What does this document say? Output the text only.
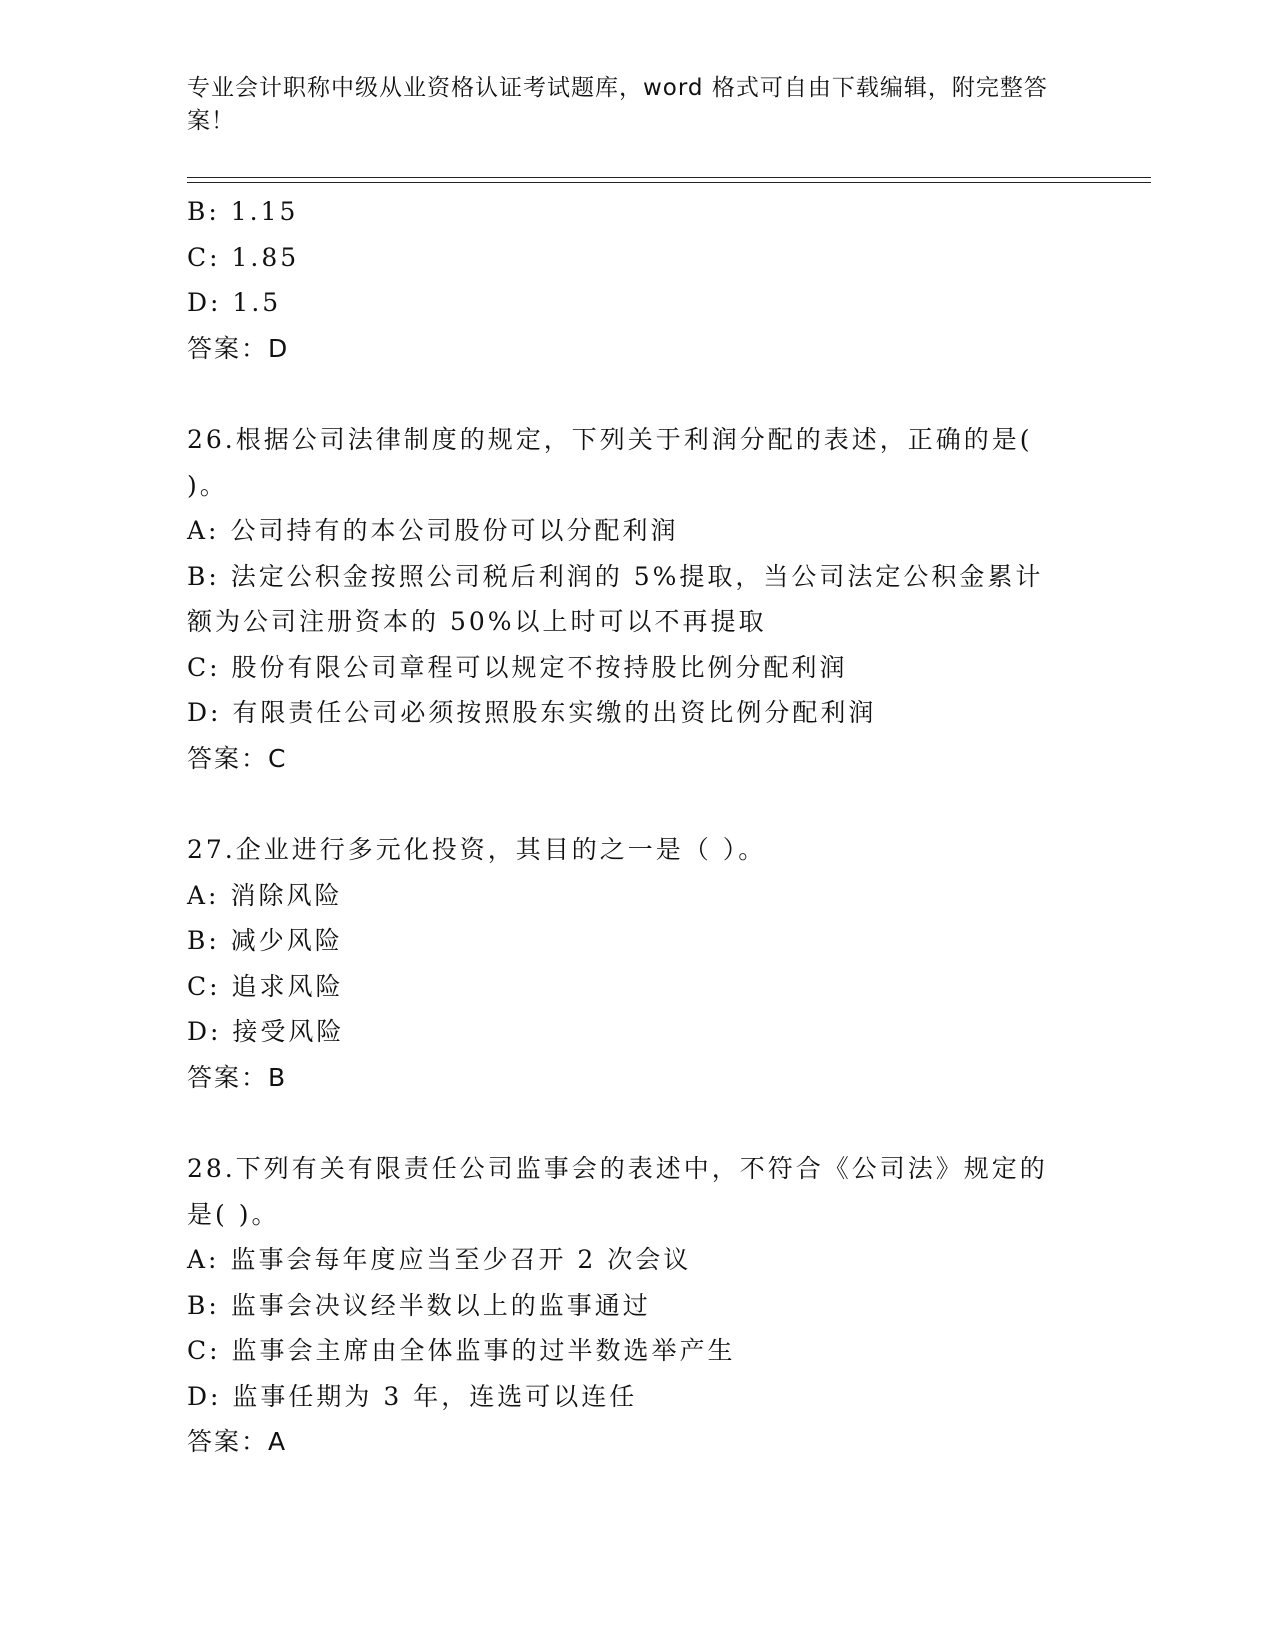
专业会计职称中级从业资格认证考试题库，word 格式可自由下载编辑，附完整答案！
B: 1.15
C: 1.85
D: 1.5
答案：D
26.根据公司法律制度的规定，下列关于利润分配的表述，正确的是( )。
A: 公司持有的本公司股份可以分配利润
B: 法定公积金按照公司税后利润的 5%提取，当公司法定公积金累计额为公司注册资本的 50%以上时可以不再提取
C: 股份有限公司章程可以规定不按持股比例分配利润
D: 有限责任公司必须按照股东实缴的出资比例分配利润
答案：C
27.企业进行多元化投资，其目的之一是（ ）。
A: 消除风险
B: 减少风险
C: 追求风险
D: 接受风险
答案：B
28.下列有关有限责任公司监事会的表述中，不符合《公司法》规定的是( )。
A: 监事会每年度应当至少召开 2 次会议
B: 监事会决议经半数以上的监事通过
C: 监事会主席由全体监事的过半数选举产生
D: 监事任期为 3 年，连选可以连任
答案：A
